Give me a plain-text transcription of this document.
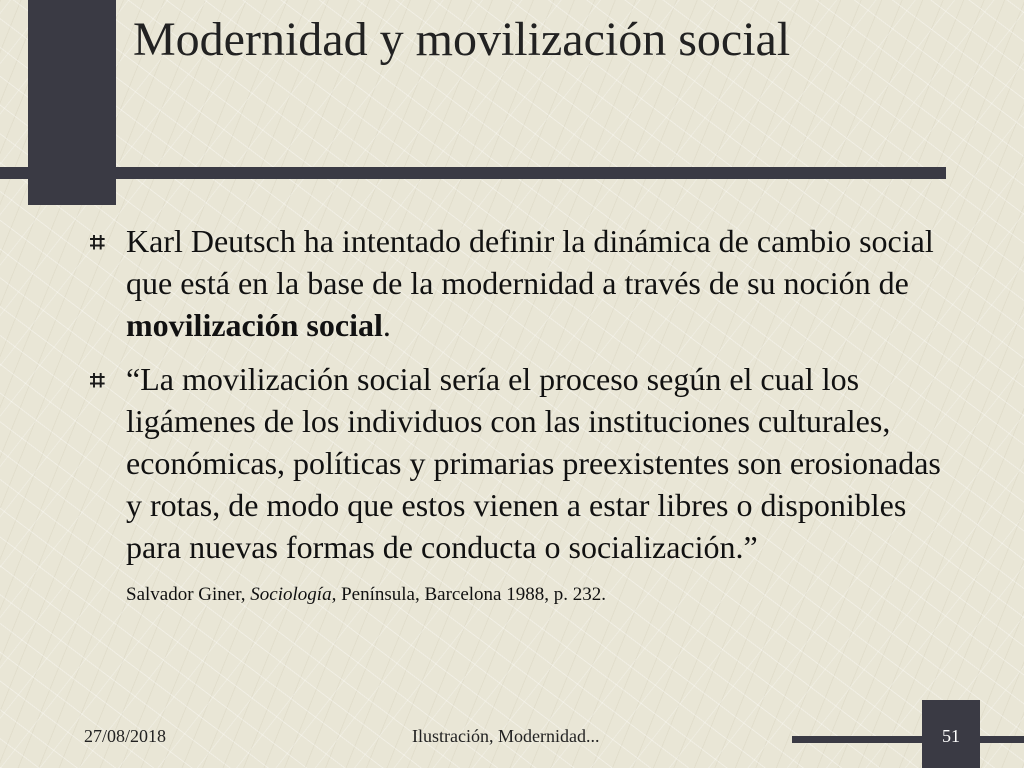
Modernidad y movilización social
⌗ Karl Deutsch ha intentado definir la dinámica de cambio social que está en la base de la modernidad a través de su noción de movilización social.
⌗ “La movilización social sería el proceso según el cual los ligámenes de los individuos con las instituciones culturales, económicas, políticas y primarias preexistentes son erosionadas y rotas, de modo que estos vienen a estar libres o disponibles para nuevas formas de conducta o socialización.”
Salvador Giner, Sociología, Península, Barcelona 1988, p. 232.
27/08/2018	Ilustración, Modernidad...	51
